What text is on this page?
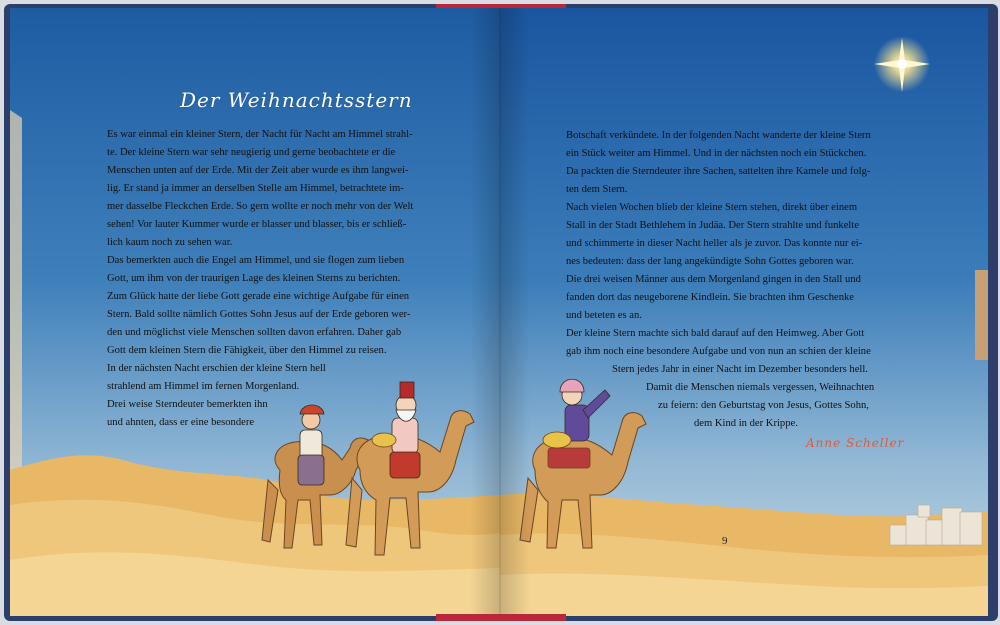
Der Weihnachtsstern
Es war einmal ein kleiner Stern, der Nacht für Nacht am Himmel strahl-
te. Der kleine Stern war sehr neugierig und gerne beobachtete er die
Menschen unten auf der Erde. Mit der Zeit aber wurde es ihm langwei-
lig. Er stand ja immer an derselben Stelle am Himmel, betrachtete im-
mer dasselbe Fleckchen Erde. So gern wollte er noch mehr von der Welt
sehen! Vor lauter Kummer wurde er blasser und blasser, bis er schließ-
lich kaum noch zu sehen war.
Das bemerkten auch die Engel am Himmel, und sie flogen zum lieben
Gott, um ihm von der traurigen Lage des kleinen Sterns zu berichten.
Zum Glück hatte der liebe Gott gerade eine wichtige Aufgabe für einen
Stern. Bald sollte nämlich Gottes Sohn Jesus auf der Erde geboren wer-
den und möglichst viele Menschen sollten davon erfahren. Daher gab
Gott dem kleinen Stern die Fähigkeit, über den Himmel zu reisen.
In der nächsten Nacht erschien der kleine Stern hell
strahlend am Himmel im fernen Morgenland.
Drei weise Sterndeuter bemerkten ihn
und ahnten, dass er eine besondere
Botschaft verkündete. In der folgenden Nacht wanderte der kleine Stern
ein Stück weiter am Himmel. Und in der nächsten noch ein Stückchen.
Da packten die Sterndeuter ihre Sachen, sattelten ihre Kamele und folg-
ten dem Stern.
Nach vielen Wochen blieb der kleine Stern stehen, direkt über einem
Stall in der Stadt Bethlehem in Judäa. Der Stern strahlte und funkelte
und schimmerte in dieser Nacht heller als je zuvor. Das konnte nur ei-
nes bedeuten: dass der lang angekündigte Sohn Gottes geboren war.
Die drei weisen Männer aus dem Morgenland gingen in den Stall und
fanden dort das neugeborene Kindlein. Sie brachten ihm Geschenke
und beteten es an.
Der kleine Stern machte sich bald darauf auf den Heimweg. Aber Gott
gab ihm noch eine besondere Aufgabe und von nun an schien der kleine
Stern jedes Jahr in einer Nacht im Dezember besonders hell.
Damit die Menschen niemals vergessen, Weihnachten
zu feiern: den Geburtstag von Jesus, Gottes Sohn,
dem Kind in der Krippe.
Anne Scheller
9
